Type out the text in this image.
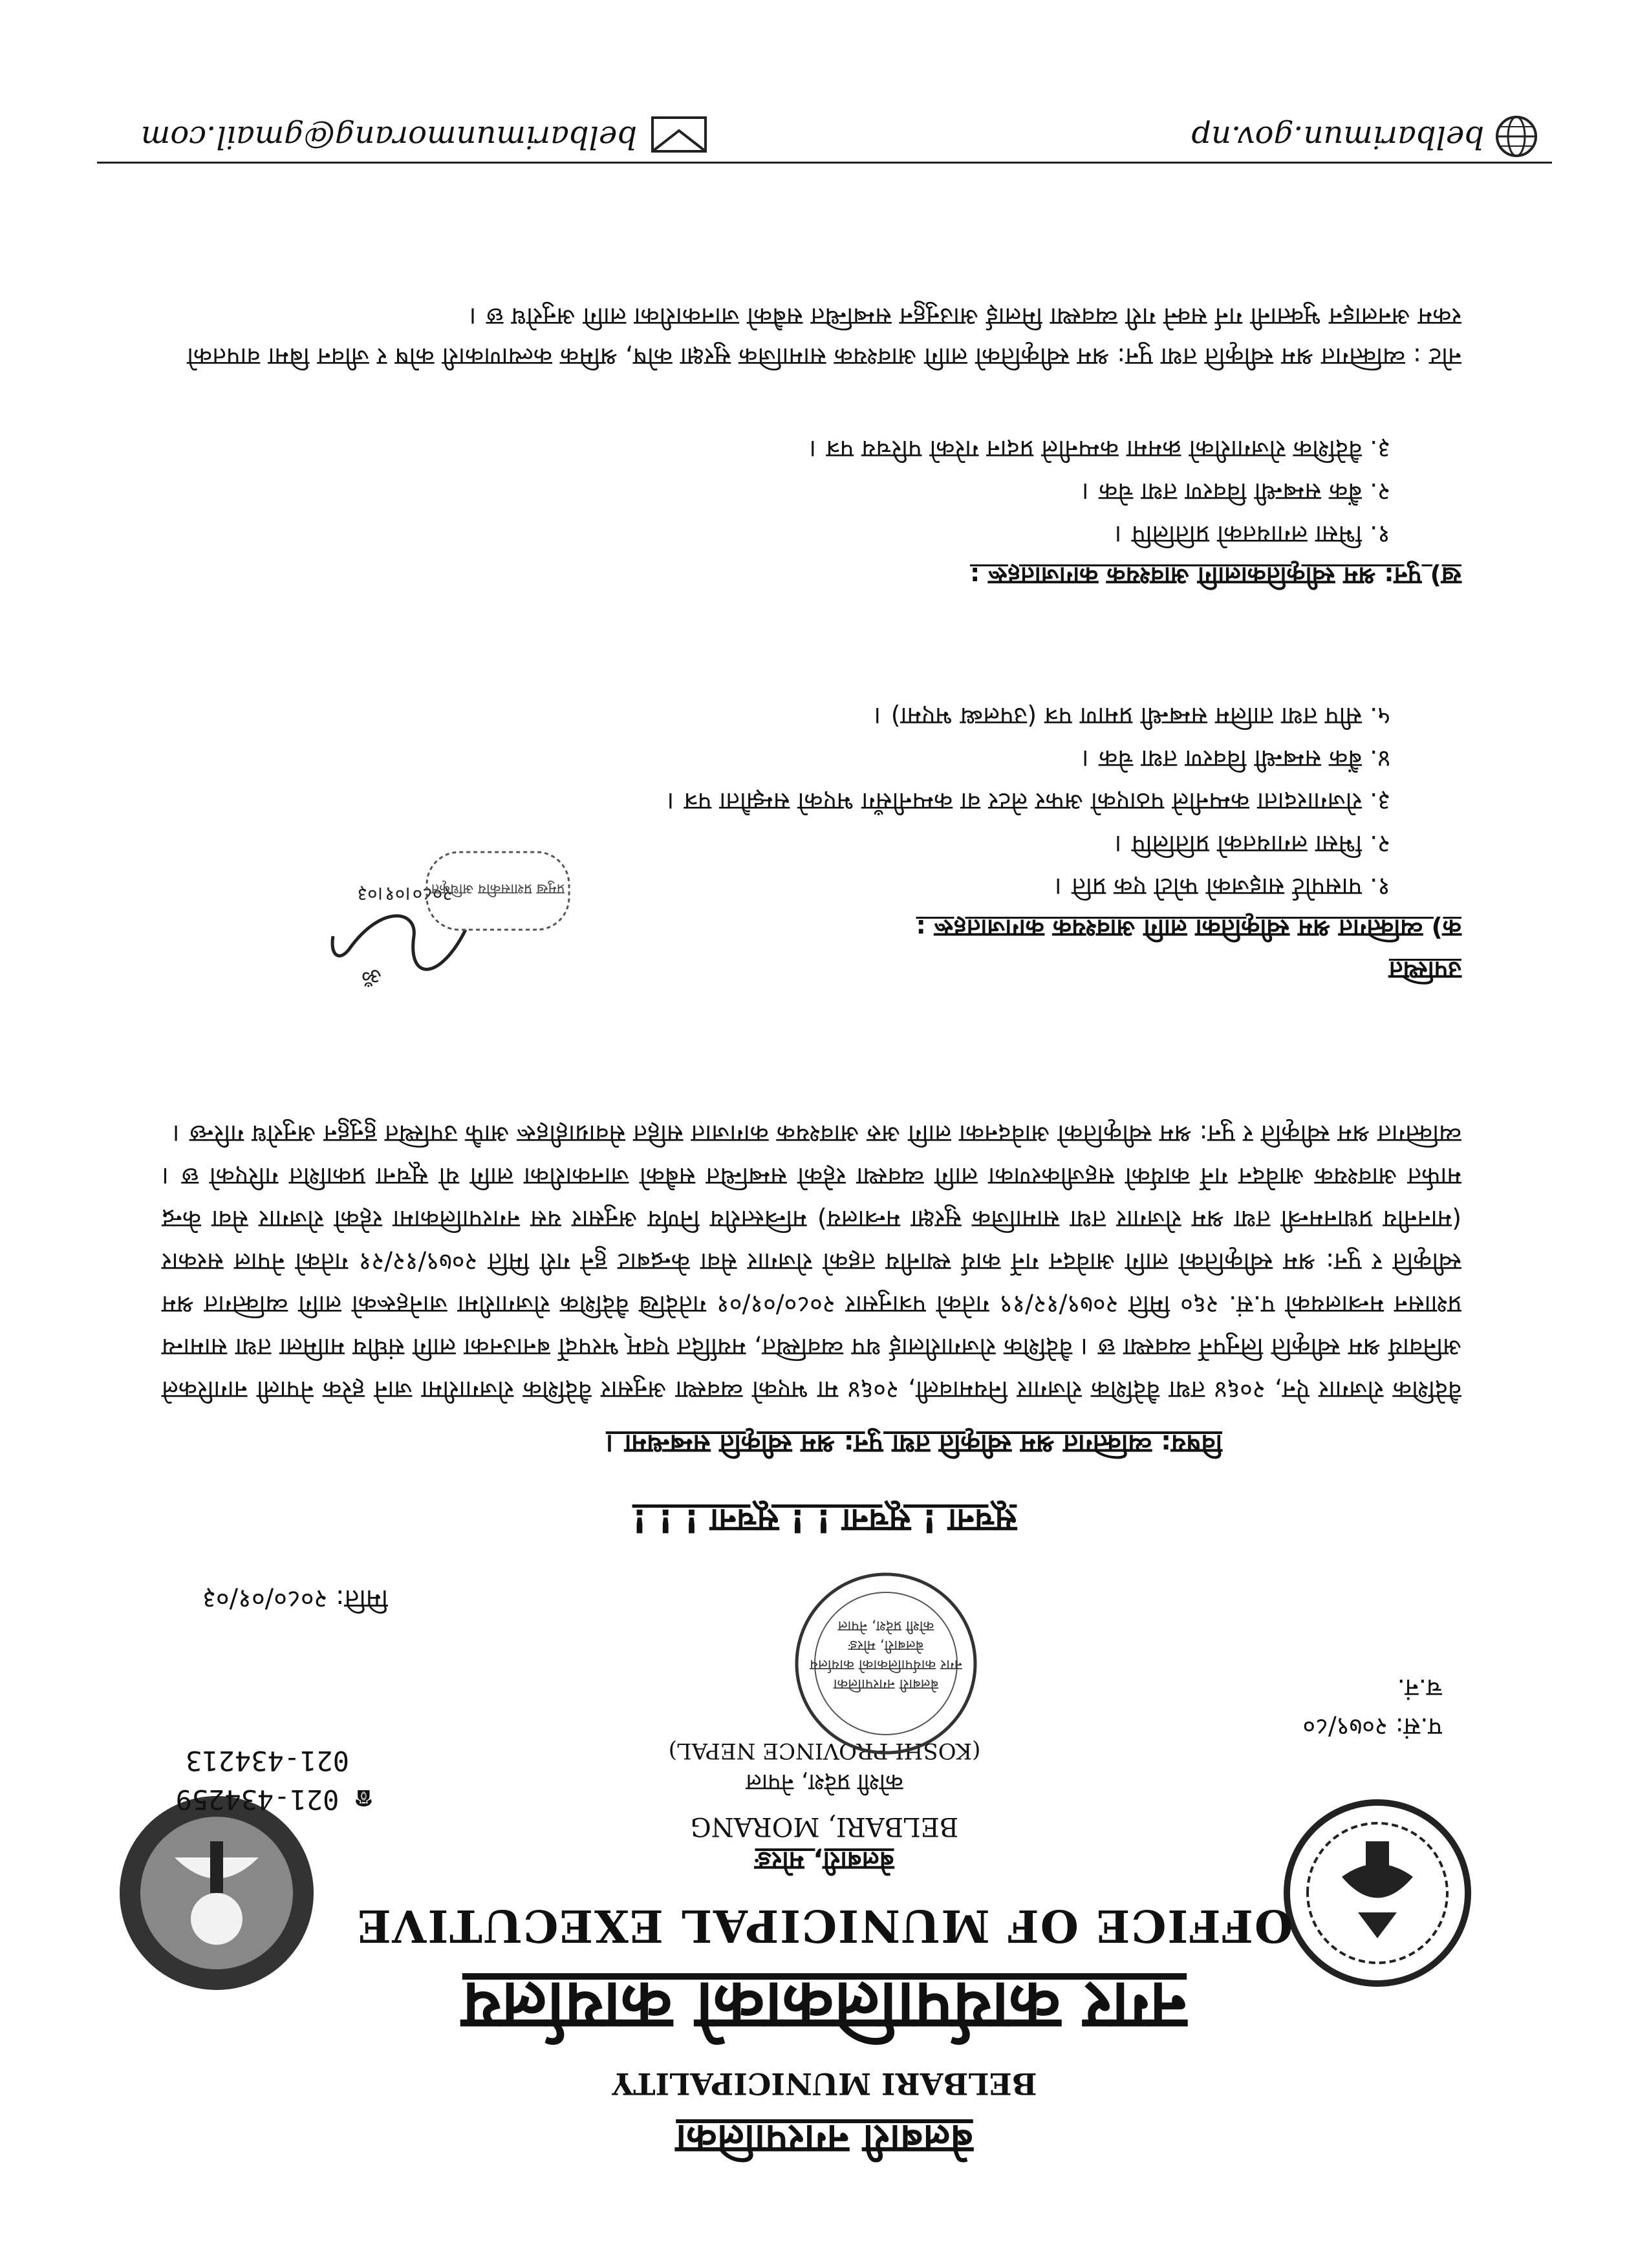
बेलबारी नगरपालिका
BELBARI MUNICIPALITY
नगर कार्यपालिकाको कार्यालय
OFFICE OF MUNICIPAL EXECUTIVE
बेलबारी, मोरङ
BELBARI, MORANG
कोशी प्रदेश, नेपाल
(KOSHI PROVINCE NEPAL)
☎ 021-434259
021-434213
प.सं: २०७९/८०
च.नं.
मिति: २०८०/०१/०३
बेलबारी नगरपालिका
नगर कार्यपालिकाको कार्यालय
बेलबारी, मोरङ
कोशी प्रदेश, नेपाल
सूचना ! सूचना ! ! सूचना ! ! !
विषय: व्यक्तिगत श्रम स्वीकृति तथा पुन: श्रम स्वीकृति सम्बन्धमा ।
वैदेशिक रोजगार ऐन, २०६४ तथा वैदेशिक रोजगार नियमावली, २०६४ मा भएको व्यवस्था अनुसार वैदेशिक रोजगारीमा जाने हरेक नेपाली नागरिकले अनिवार्य श्रम स्वीकृति लिनुपर्ने व्यवस्था छ । वैदेशिक रोजगारीलाई थप व्यवस्थित, मर्यादित एवम् भरपर्दो बनाउनका लागि संघीय मामिला तथा सामान्य प्रशासन मन्त्रालयको प.सं. २६० मिति २०७९/१२/१९ गतेको पत्रानुसार २०८०/०१/०१ गतेदेखि वैदेशिक रोजगारीमा जानेहरूको लागि व्यक्तिगत श्रम स्वीकृति र पुन: श्रम स्वीकृतिको लागि आवेदन गर्ने कार्य स्थानीय तहको रोजगार सेवा केन्द्रबाट हुने गरी मिति २०७९/१२/२१ गतेको नेपाल सरकार (माननीय प्रधानमन्त्री तथा श्रम रोजगार तथा सामाजिक सुरक्षा मन्त्रालय) मन्त्रिस्तरीय निर्णय अनुसार यस नगरपालिकामा रहेको रोजगार सेवा केन्द्र मार्फत आवश्यक आवेदन गर्ने कार्यको सहजीकरणका लागि व्यवस्था रहेको सम्बन्धित सबैको जानकारीका लागि यो सूचना प्रकाशित गरिएको छ । व्यक्तिगत श्रम स्वीकृति र पुन: श्रम स्वीकृतिको आवेदनका लागि अरु आवश्यक कागजात सहित सेवाग्राहीहरू आफै उपस्थित हुनुहुन अनुरोध गरिन्छ ।
उपस्थित
क) व्यक्तिगत श्रम स्वीकृतिका लागि आवश्यक कागजातहरू :
१. पासपोर्ट साइजको फोटो एक प्रति ।
२. भिसा लगायतको प्रतिलिपि ।
३. रोजगारदाता कम्पनीले पठाएको अफर लेटर वा कम्पनीसँग भएको सम्झौता पत्र ।
४. बैंक सम्बन्धी विवरण तथा चेक ।
५. सीप तथा तालिम सम्बन्धी प्रमाण पत्र (उपलब्ध भएमा) ।
ख) पुन: श्रम स्वीकृतिकालागि आवश्यक कागजातहरू :
१. भिसा लगायतको प्रतिलिपि ।
२. बैंक सम्बन्धी विवरण तथा चेक ।
३. वैदेशिक रोजगारीको क्रममा कम्पनीले प्रदान गरेको परिचय पत्र ।
२०८०।०१।०३
ॐ
प्रमुख प्रशासकीय अधिकृत
नोट : व्यक्तिगत श्रम स्वीकृति तथा पुन: श्रम स्वीकृतिको लागि आवश्यक सामाजिक सुरक्षा कोष, श्रमिक कल्याणकारी कोष र जीवन बिमा वापतको रकम अनलाइन भुक्तानी गर्न सक्ने गरी व्यवस्था मिलाई आउनुहुन सम्बन्धित सबैको जानकारीका लागि अनुरोध छ ।
belbarimun.gov.np
belbarimunmorang@gmail.com
